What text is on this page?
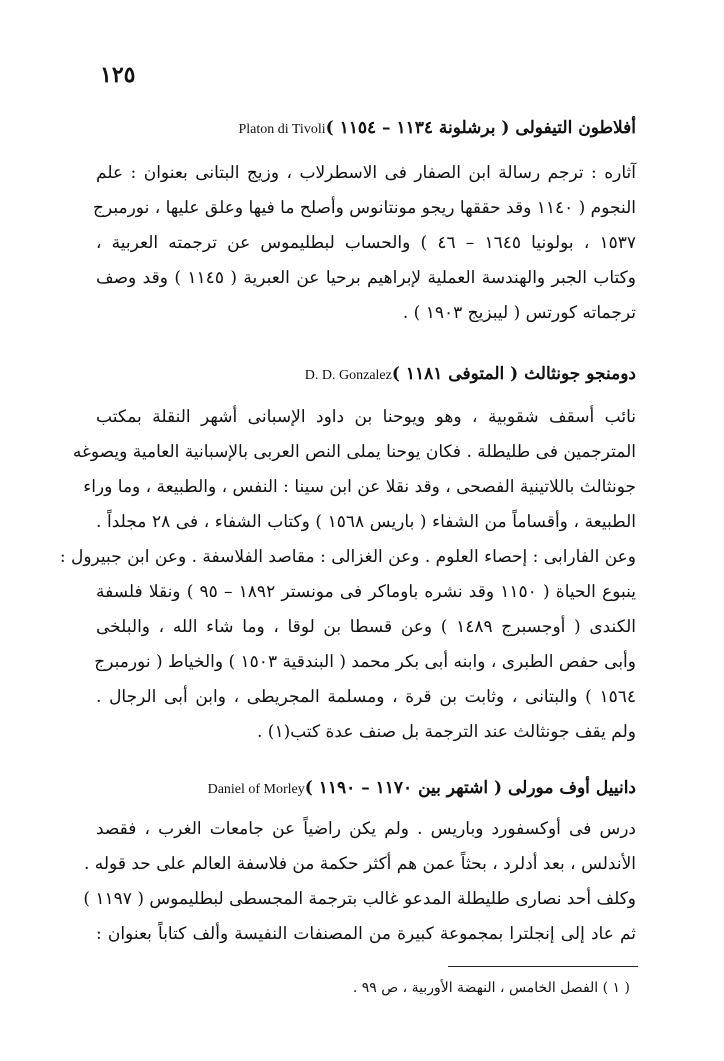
١٢٥
أفلاطون التيفولى ( برشلونة ١١٣٤ – ١١٥٤ )
Platon di Tivoli
آثاره : ترجم رسالة ابن الصفار فى الاسطرلاب ، وزيج البتانى بعنوان : علم
النجوم ( ١١٤٠ وقد حققها ريجو مونتانوس وأصلح ما فيها وعلق عليها ، نورمبرج
١٥٣٧ ، بولونيا ١٦٤٥ – ٤٦ ) والحساب لبطليموس عن ترجمته العربية ،
وكتاب الجبر والهندسة العملية لإبراهيم برحيا عن العبرية ( ١١٤٥ ) وقد وصف
ترجماته كورتس ( ليبزيج ١٩٠٣ ) .
دومنجو جونثالث ( المتوفى ١١٨١ )
D. D. Gonzalez
نائب أسقف شقوبية ، وهو ويوحنا بن داود الإسبانى أشهر النقلة بمكتب
المترجمين فى طليطلة . فكان يوحنا يملى النص العربى بالإسبانية العامية ويصوغه
جونثالث باللاتينية الفصحى ، وقد نقلا عن ابن سينا : النفس ، والطبيعة ، وما وراء
الطبيعة ، وأقساماً من الشفاء ( باريس ١٥٦٨ ) وكتاب الشفاء ، فى ٢٨ مجلداً .
وعن الفارابى : إحصاء العلوم . وعن الغزالى : مقاصد الفلاسفة . وعن ابن جبيرول :
ينبوع الحياة ( ١١٥٠ وقد نشره باوماكر فى مونستر ١٨٩٢ – ٩٥ ) ونقلا فلسفة
الكندى ( أوجسبرج ١٤٨٩ ) وعن قسطا بن لوقا ، وما شاء الله ، والبلخى
وأبى حفص الطبرى ، وابنه أبى بكر محمد ( البندقية ١٥٠٣ ) والخياط ( نورمبرج
١٥٦٤ ) والبتانى ، وثابت بن قرة ، ومسلمة المجريطى ، وابن أبى الرجال .
ولم يقف جونثالث عند الترجمة بل صنف عدة كتب(١) .
دانييل أوف مورلى ( اشتهر بين ١١٧٠ – ١١٩٠ )
Daniel of Morley
درس فى أوكسفورد وباريس . ولم يكن راضياً عن جامعات الغرب ، فقصد
الأندلس ، بعد أدلرد ، بحثاً عمن هم أكثر حكمة من فلاسفة العالم على حد قوله .
وكلف أحد نصارى طليطلة المدعو غالب بترجمة المجسطى لبطليموس ( ١١٩٧ )
ثم عاد إلى إنجلترا بمجموعة كبيرة من المصنفات النفيسة وألف كتاباً بعنوان :
( ١ ) الفصل الخامس ، النهضة الأوربية ، ص ٩٩ .
